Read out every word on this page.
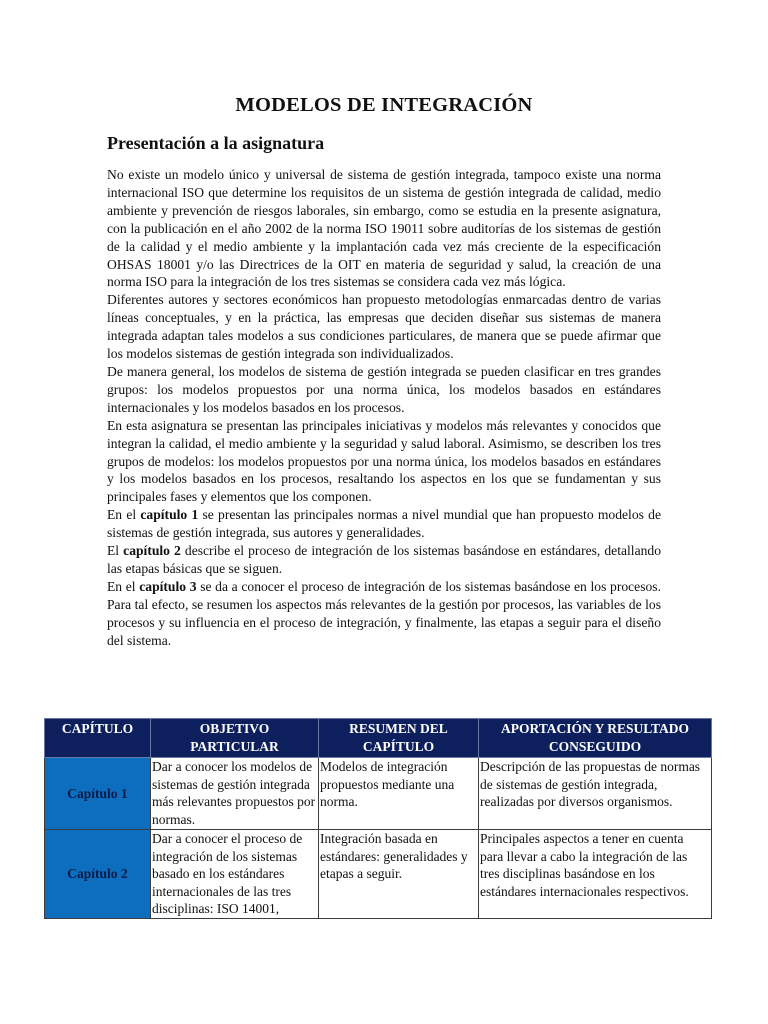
MODELOS DE INTEGRACIÓN
Presentación a la asignatura

No existe un modelo único y universal de sistema de gestión integrada, tampoco existe una norma internacional ISO que determine los requisitos de un sistema de gestión integrada de calidad, medio ambiente y prevención de riesgos laborales, sin embargo, como se estudia en la presente asignatura, con la publicación en el año 2002 de la norma ISO 19011 sobre auditorías de los sistemas de gestión de la calidad y el medio ambiente y la implantación cada vez más creciente de la especificación OHSAS 18001 y/o las Directrices de la OIT en materia de seguridad y salud, la creación de una norma ISO para la integración de los tres sistemas se considera cada vez más lógica.

Diferentes autores y sectores económicos han propuesto metodologías enmarcadas dentro de varias líneas conceptuales, y en la práctica, las empresas que deciden diseñar sus sistemas de manera integrada adaptan tales modelos a sus condiciones particulares, de manera que se puede afirmar que los modelos sistemas de gestión integrada son individualizados.

De manera general, los modelos de sistema de gestión integrada se pueden clasificar en tres grandes grupos: los modelos propuestos por una norma única, los modelos basados en estándares internacionales y los modelos basados en los procesos.

En esta asignatura se presentan las principales iniciativas y modelos más relevantes y conocidos que integran la calidad, el medio ambiente y la seguridad y salud laboral. Asimismo, se describen los tres grupos de modelos: los modelos propuestos por una norma única, los modelos basados en estándares y los modelos basados en los procesos, resaltando los aspectos en los que se fundamentan y sus principales fases y elementos que los componen.

En el capítulo 1 se presentan las principales normas a nivel mundial que han propuesto modelos de sistemas de gestión integrada, sus autores y generalidades.

El capítulo 2 describe el proceso de integración de los sistemas basándose en estándares, detallando las etapas básicas que se siguen.

En el capítulo 3 se da a conocer el proceso de integración de los sistemas basándose en los procesos. Para tal efecto, se resumen los aspectos más relevantes de la gestión por procesos, las variables de los procesos y su influencia en el proceso de integración, y finalmente, las etapas a seguir para el diseño del sistema.

CAPÍTULO	OBJETIVO PARTICULAR	RESUMEN DEL CAPÍTULO	APORTACIÓN Y RESULTADO CONSEGUIDO
Capítulo 1	Dar a conocer los modelos de sistemas de gestión integrada más relevantes propuestos por normas.	Modelos de integración propuestos mediante una norma.	Descripción de las propuestas de normas de sistemas de gestión integrada, realizadas por diversos organismos.
Capítulo 2	Dar a conocer el proceso de integración de los sistemas basado en los estándares internacionales de las tres disciplinas: ISO 14001,	Integración basada en estándares: generalidades y etapas a seguir.	Principales aspectos a tener en cuenta para llevar a cabo la integración de las tres disciplinas basándose en los estándares internacionales respectivos.
